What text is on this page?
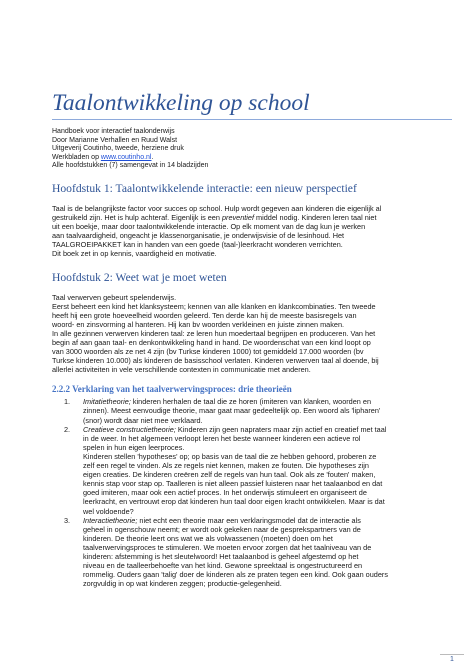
Taalontwikkeling op school

Handboek voor interactief taalonderwijs

Door Marianne Verhallen en Ruud Walst

Uitgeverij Coutinho, tweede, herziene druk

Werkbladen op www.coutinho.nl.

Alle hoofdstukken (7) samengevat in 14 bladzijden

Hoofdstuk 1: Taalontwikkelende interactie: een nieuw perspectief
Taal is de belangrijkste factor voor succes op school. Hulp wordt gegeven aan kinderen die eigenlijk al
gestruikeld zijn. Het is hulp achteraf. Eigenlijk is een preventief middel nodig. Kinderen leren taal niet
uit een boekje, maar door taalontwikkelende interactie. Op elk moment van de dag kun je werken
aan taalvaardigheid, ongeacht je klassenorganisatie, je onderwijsvisie of de lesinhoud. Het
TAALGROEIPAKKET kan in handen van een goede (taal-)leerkracht wonderen verrichten.
Dit boek zet in op kennis, vaardigheid en motivatie.
Hoofdstuk 2: Weet wat je moet weten
Taal verwerven gebeurt spelenderwijs.
Eerst beheert een kind het klanksysteem; kennen van alle klanken en klankcombinaties. Ten tweede
heeft hij een grote hoeveelheid woorden geleerd. Ten derde kan hij de meeste basisregels van
woord- en zinsvorming al hanteren. Hij kan bv woorden verkleinen en juiste zinnen maken.
In alle gezinnen verwerven kinderen taal: ze leren hun moedertaal begrijpen en produceren. Van het
begin af aan gaan taal- en denkontwikkeling hand in hand. De woordenschat van een kind loopt op
van 3000 woorden als ze net 4 zijn (bv Turkse kinderen 1000) tot gemiddeld 17.000 woorden (bv
Turkse kinderen 10.000) als kinderen de basisschool verlaten. Kinderen verwerven taal al doende, bij
allerlei activiteiten in vele verschillende contexten in communicatie met anderen.
2.2.2 Verklaring van het taalverwervingsproces: drie theorieën
1.	Imitatietheorie; kinderen herhalen de taal die ze horen (imiteren van klanken, woorden en
zinnen). Meest eenvoudige theorie, maar gaat maar gedeeltelijk op. Een woord als 'lipharen'
(snor) wordt daar niet mee verklaard.
2.	Creatieve constructietheorie; Kinderen zijn geen napraters maar zijn actief en creatief met taal
in de weer. In het algemeen verloopt leren het beste wanneer kinderen een actieve rol
spelen in hun eigen leerproces.
Kinderen stellen 'hypotheses' op; op basis van de taal die ze hebben gehoord, proberen ze
zelf een regel te vinden. Als ze regels niet kennen, maken ze fouten. Die hypotheses zijn
eigen creaties. De kinderen creëren zelf de regels van hun taal. Ook als ze 'fouten' maken,
kennis stap voor stap op. Taalleren is niet alleen passief luisteren naar het taalaanbod en dat
goed imiteren, maar ook een actief proces. In het onderwijs stimuleert en organiseert de
leerkracht, en vertrouwt erop dat kinderen hun taal door eigen kracht ontwikkelen. Maar is dat
wel voldoende?
3.	Interactietheorie; niet echt een theorie maar een verklaringsmodel dat de interactie als
geheel in ogenschouw neemt; er wordt ook gekeken naar de gesprekspartners van de
kinderen. De theorie leert ons wat we als volwassenen (moeten) doen om het
taalverwervingsproces te stimuleren. We moeten ervoor zorgen dat het taalniveau van de
kinderen: afstemming is het sleutelwoord! Het taalaanbod is geheel afgestemd op het
niveau en de taalleerbehoefte van het kind. Gewone spreektaal is ongestructureerd en
rommelig. Ouders gaan 'talig' doer de kinderen als ze praten tegen een kind. Ook gaan ouders
zorgvuldig in op wat kinderen zeggen; productie-gelegenheid.
1
